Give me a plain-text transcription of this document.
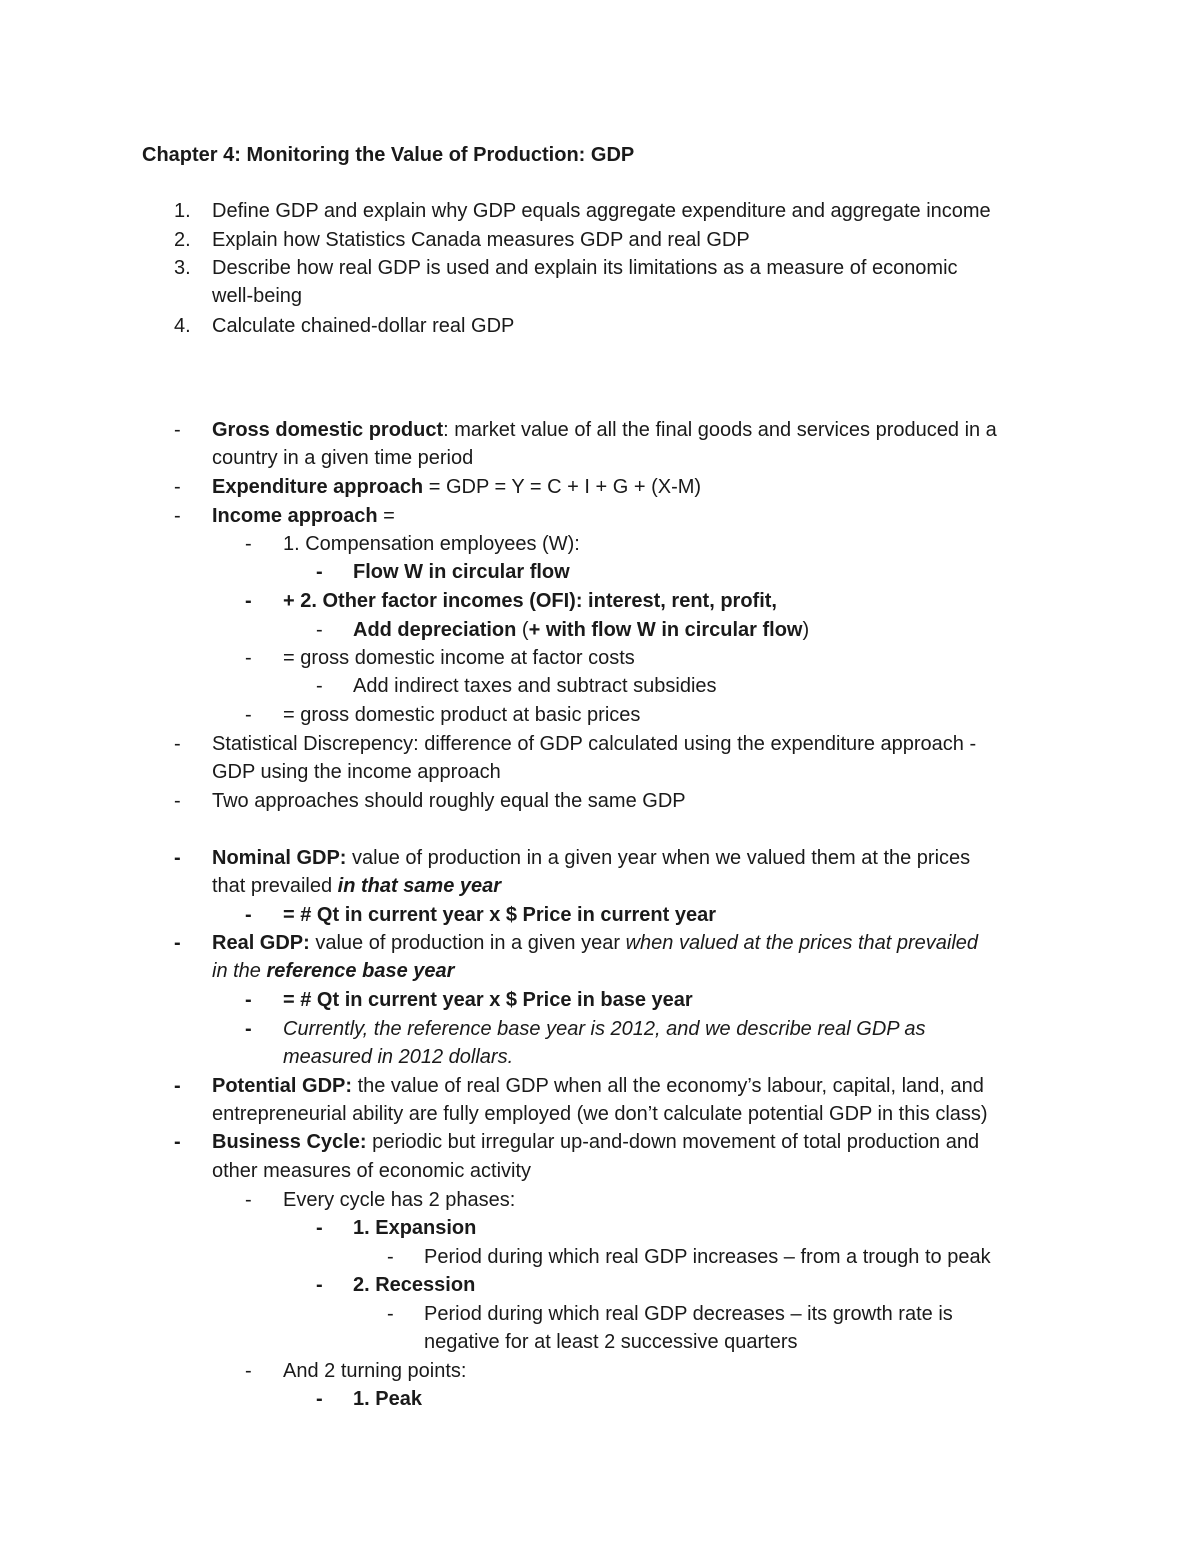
Chapter 4: Monitoring the Value of Production: GDP
1.	Define GDP and explain why GDP equals aggregate expenditure and aggregate income
2.	Explain how Statistics Canada measures GDP and real GDP
3.	Describe how real GDP is used and explain its limitations as a measure of economic
well-being
4.	Calculate chained-dollar real GDP
- Gross domestic product: market value of all the final goods and services produced in a
country in a given time period
- Expenditure approach = GDP = Y = C + I + G + (X-M)
- Income approach =
- 1. Compensation employees (W):
- Flow W in circular flow
- + 2. Other factor incomes (OFI): interest, rent, profit,
- Add depreciation (+ with flow W in circular flow)
- = gross domestic income at factor costs
- Add indirect taxes and subtract subsidies
- = gross domestic product at basic prices
- Statistical Discrepency: difference of GDP calculated using the expenditure approach -
GDP using the income approach
- Two approaches should roughly equal the same GDP
- Nominal GDP: value of production in a given year when we valued them at the prices
that prevailed in that same year
- = # Qt in current year x $ Price in current year
- Real GDP: value of production in a given year when valued at the prices that prevailed
in the reference base year
- = # Qt in current year x $ Price in base year
- Currently, the reference base year is 2012, and we describe real GDP as
measured in 2012 dollars.
- Potential GDP: the value of real GDP when all the economy’s labour, capital, land, and
entrepreneurial ability are fully employed (we don’t calculate potential GDP in this class)
- Business Cycle: periodic but irregular up-and-down movement of total production and
other measures of economic activity
- Every cycle has 2 phases:
- 1. Expansion
- Period during which real GDP increases – from a trough to peak
- 2. Recession
- Period during which real GDP decreases – its growth rate is
negative for at least 2 successive quarters
- And 2 turning points:
- 1. Peak
